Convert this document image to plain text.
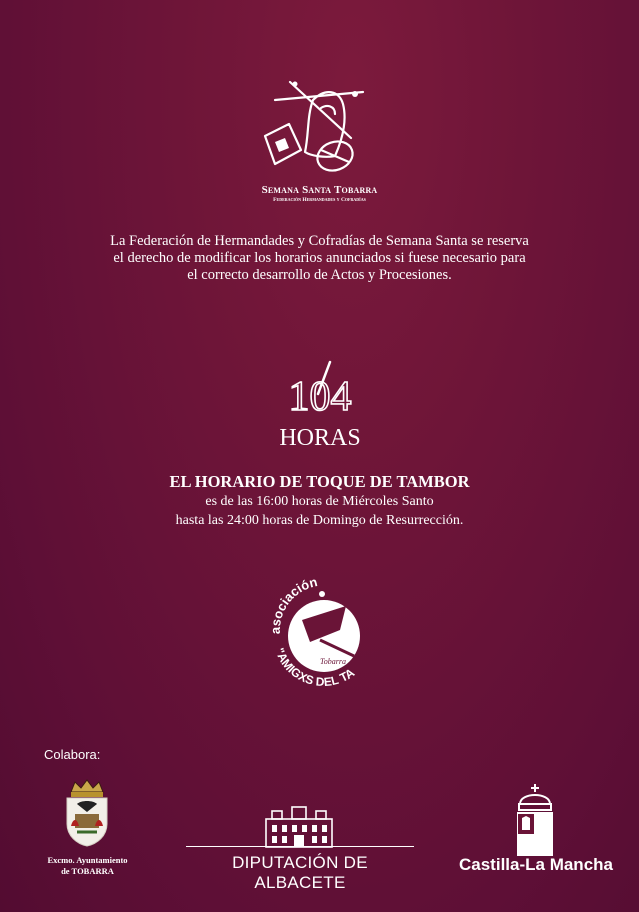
Semana Santa Tobarra
Federación Hermandades y Cofradías
La Federación de Hermandades y Cofradías de Semana Santa se reserva
el derecho de modificar los horarios anunciados si fuese necesario para
el correcto desarrollo de Actos y Procesiones.
104
HORAS
EL HORARIO DE TOQUE DE TAMBOR
es de las 16:00 horas de Miércoles Santo
hasta las 24:00 horas de Domingo de Resurrección.
asociación
"AMIGXS DEL TA
Tobarra
Colabora:
Excmo. Ayuntamiento
de TOBARRA	DIPUTACIÓN DE ALBACETE
Castilla-La Mancha
